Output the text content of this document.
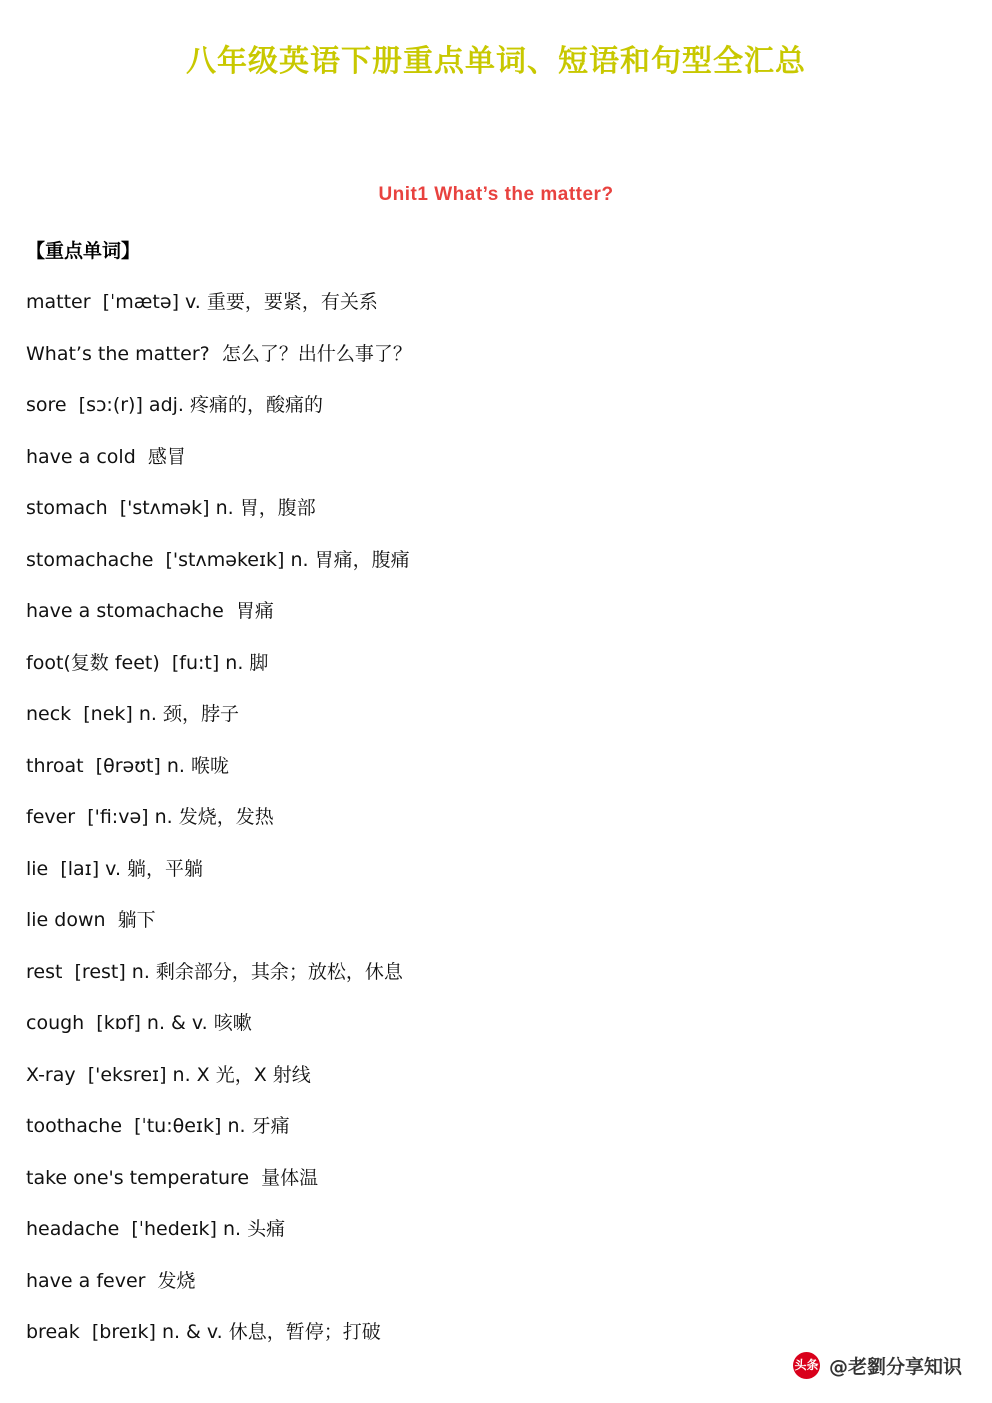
八年级英语下册重点单词、短语和句型全汇总
Unit1 What’s the matter?
【重点单词】
matter  [ˈmætə] v. 重要，要紧，有关系
What’s the matter?  怎么了？出什么事了？
sore  [sɔ:(r)] adj. 疼痛的，酸痛的
have a cold  感冒
stomach  ['stʌmək] n. 胃，腹部
stomachache  ['stʌməkeɪk] n. 胃痛，腹痛
have a stomachache  胃痛
foot(复数 feet)  [fu:t] n. 脚
neck  [nek] n. 颈，脖子
throat  [θrəʊt] n. 喉咙
fever  ['fi:və] n. 发烧，发热
lie  [laɪ] v. 躺，平躺
lie down  躺下
rest  [rest] n. 剩余部分，其余；放松，休息
cough  [kɒf] n. & v. 咳嗽
X-ray  ['eksreɪ] n. X 光，X 射线
toothache  [ˈtu:θeɪk] n. 牙痛
take one's temperature  量体温
headache  [ˈhedeɪk] n. 头痛
have a fever  发烧
break  [breɪk] n. & v. 休息，暂停；打破
头条 @老劉分享知识
